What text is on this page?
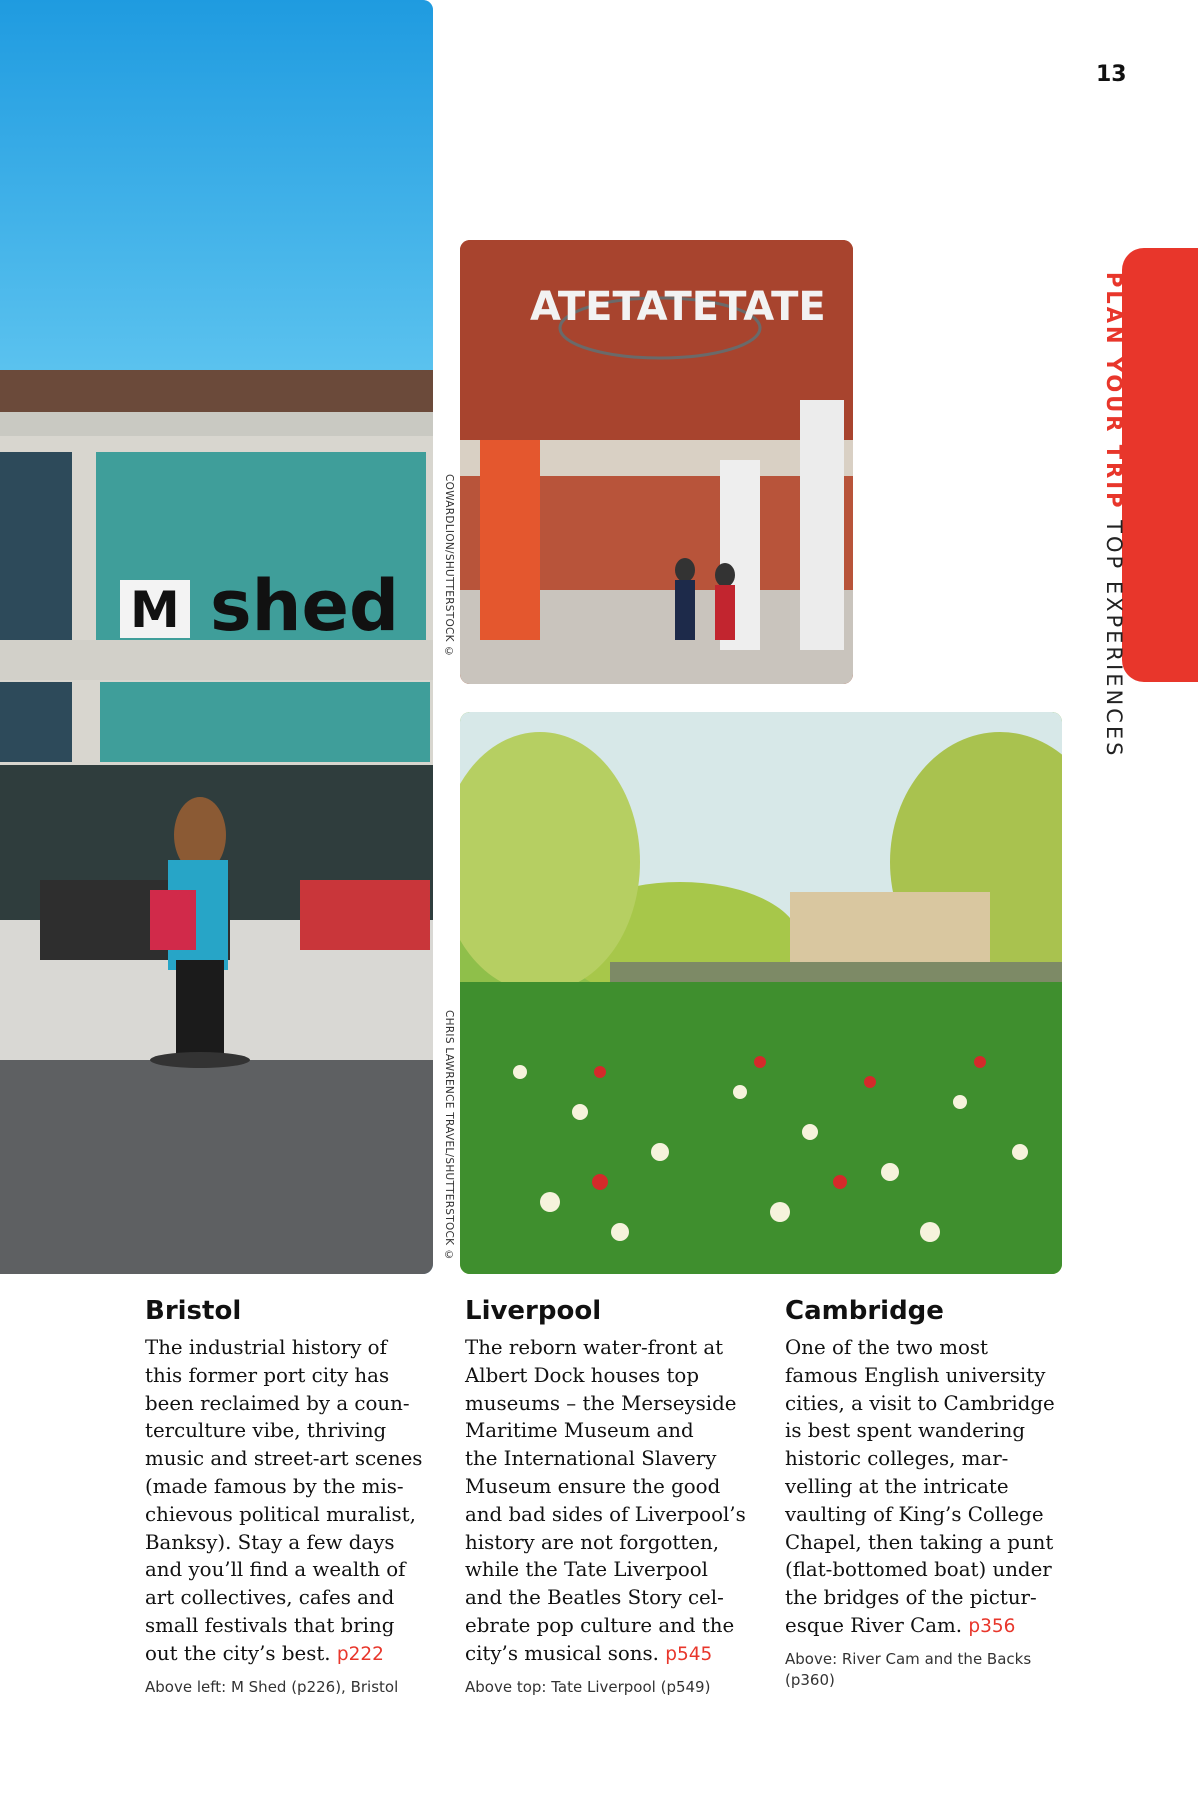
13
PLAN YOUR TRIP TOP EXPERIENCES
shed
M	COWARDLION/SHUTTERSTOCK ©
ATETATETATE
CHRIS LAWRENCE TRAVEL/SHUTTERSTOCK ©
Bristol

The industrial history of
this former port city has
been reclaimed by a coun-
terculture vibe, thriving
music and street-art scenes
(made famous by the mis-
chievous political muralist,
Banksy). Stay a few days
and you’ll find a wealth of
art collectives, cafes and
small festivals that bring
out the city’s best. p222

Above left: M Shed (p226), Bristol
Liverpool

The reborn water-front at
Albert Dock houses top
museums – the Merseyside
Maritime Museum and
the International Slavery
Museum ensure the good
and bad sides of Liverpool’s
history are not forgotten,
while the Tate Liverpool
and the Beatles Story cel-
ebrate pop culture and the
city’s musical sons. p545

Above top: Tate Liverpool (p549)
Cambridge

One of the two most
famous English university
cities, a visit to Cambridge
is best spent wandering
historic colleges, mar-
velling at the intricate
vaulting of King’s College
Chapel, then taking a punt
(flat-bottomed boat) under
the bridges of the pictur-
esque River Cam. p356

Above: River Cam and the Backs (p360)
